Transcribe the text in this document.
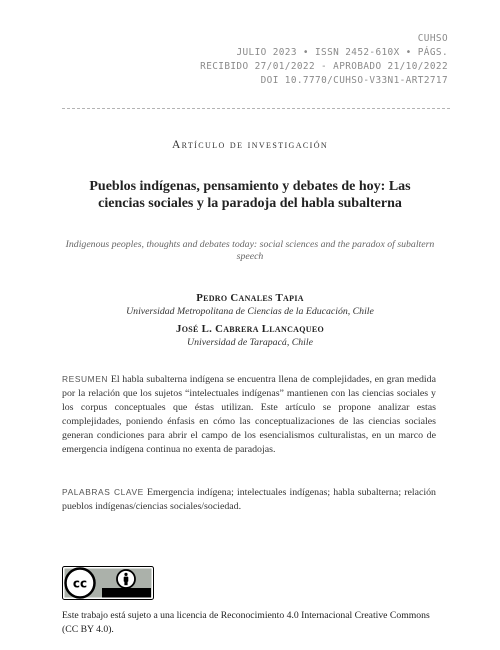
CUHSO
JULIO 2023 • ISSN 2452-610X • PÁGS.
RECIBIDO 27/01/2022 - APROBADO 21/10/2022
DOI 10.7770/CUHSO-V33N1-ART2717
Artículo de investigación
Pueblos indígenas, pensamiento y debates de hoy: Las ciencias sociales y la paradoja del habla subalterna
Indigenous peoples, thoughts and debates today: social sciences and the paradox of subaltern speech
Pedro Canales Tapia
Universidad Metropolitana de Ciencias de la Educación, Chile
José L. Cabrera Llancaqueo
Universidad de Tarapacá, Chile
RESUMEN El habla subalterna indígena se encuentra llena de complejidades, en gran medida por la relación que los sujetos “intelectuales indígenas” mantienen con las ciencias sociales y los corpus conceptuales que éstas utilizan. Este artículo se propone analizar estas complejidades, poniendo énfasis en cómo las conceptualizaciones de las ciencias sociales generan condiciones para abrir el campo de los esencialismos culturalistas, en un marco de emergencia indígena continua no exenta de paradojas.
PALABRAS CLAVE Emergencia indígena; intelectuales indígenas; habla subalterna; relación pueblos indígenas/ciencias sociales/sociedad.
cc
Este trabajo está sujeto a una licencia de Reconocimiento 4.0 Internacional Creative Commons (CC BY 4.0).
